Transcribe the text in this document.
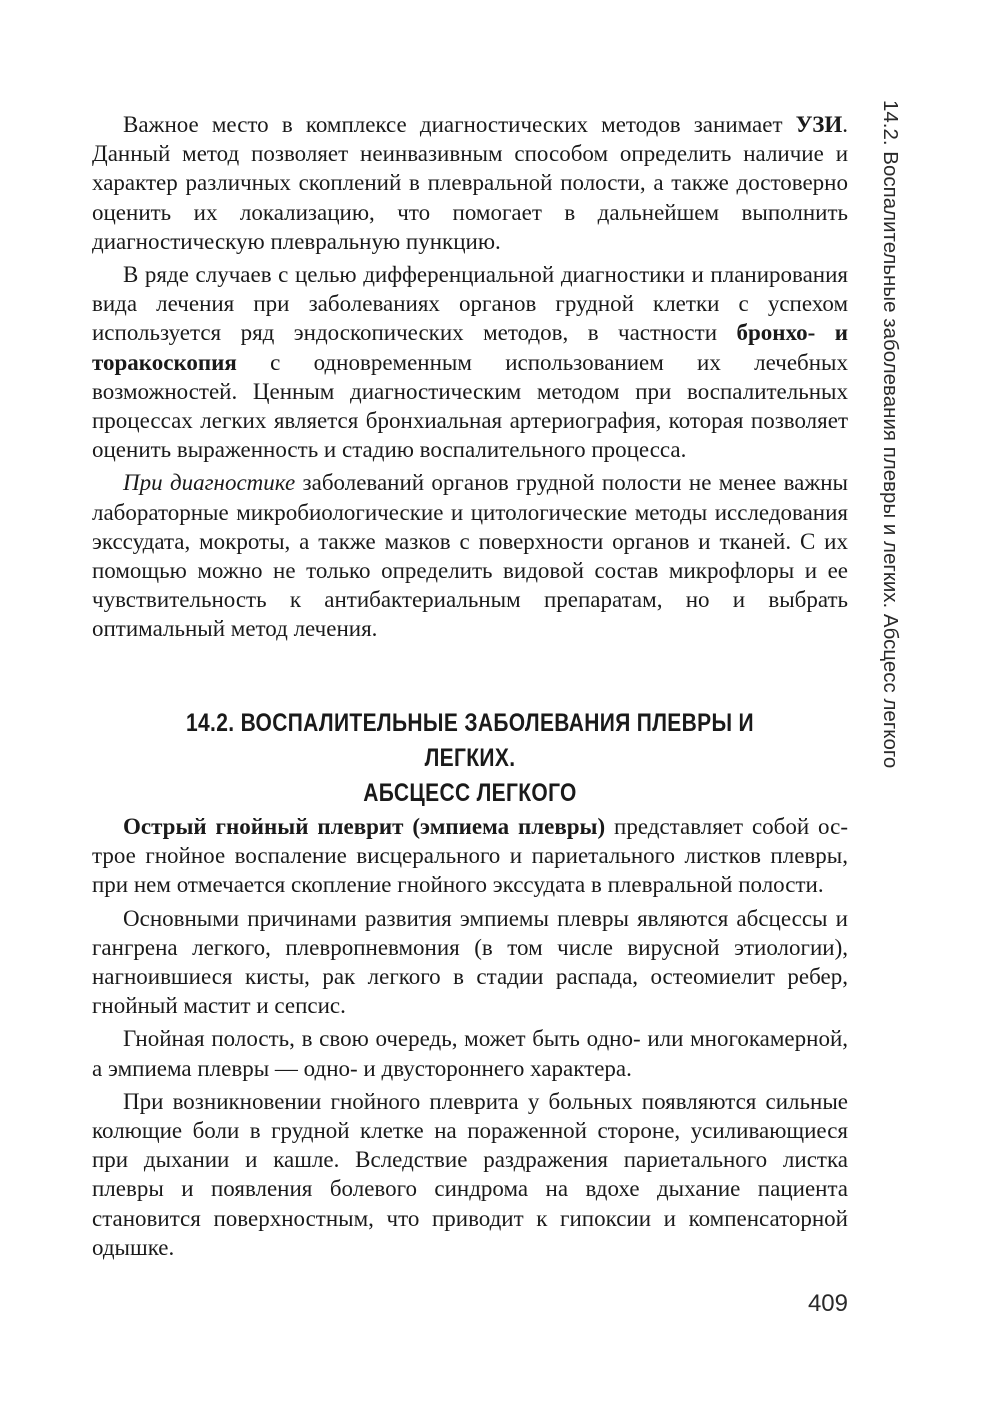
Важное место в комплексе диагностических методов занимает УЗИ. Данный метод позволяет неинвазивным способом определить наличие и характер различных скоплений в плевральной полости, а также достоверно оценить их локализацию, что помогает в дальнейшем выполнить диагностическую плевральную пункцию.

В ряде случаев с целью дифференциальной диагностики и планирования вида лечения при заболеваниях органов грудной клетки с успехом используется ряд эндоскопических методов, в частности бронхо- и торакоскопия с одновременным использованием их лечебных возможностей. Ценным диагностическим методом при воспалительных процессах легких является бронхиальная артериография, которая позволяет оценить выраженность и стадию воспалительного процесса.

При диагностике заболеваний органов грудной полости не менее важны лабораторные микробиологические и цитологические методы исследования экссудата, мокроты, а также мазков с поверхности органов и тканей. С их помощью можно не только определить видовой состав микрофлоры и ее чувствительность к антибактериальным препаратам, но и выбрать оптимальный метод лечения.

14.2. ВОСПАЛИТЕЛЬНЫЕ ЗАБОЛЕВАНИЯ ПЛЕВРЫ И ЛЕГКИХ.
АБСЦЕСС ЛЕГКОГО

Острый гнойный плеврит (эмпиема плевры) представляет собой острое гнойное воспаление висцерального и париетального листков плевры, при нем отмечается скопление гнойного экссудата в плевральной полости.

Основными причинами развития эмпиемы плевры являются абсцессы и гангрена легкого, плевропневмония (в том числе вирусной этиологии), нагноившиеся кисты, рак легкого в стадии распада, остеомиелит ребер, гнойный мастит и сепсис.

Гнойная полость, в свою очередь, может быть одно- или многокамерной, а эмпиема плевры — одно- и двустороннего характера.

При возникновении гнойного плеврита у больных появляются сильные колющие боли в грудной клетке на пораженной стороне, усиливающиеся при дыхании и кашле. Вследствие раздражения париетального листка плевры и появления болевого синдрома на вдохе дыхание пациента становится поверхностным, что приводит к гипоксии и компенсаторной одышке.

14.2. Воспалительные заболевания плевры и легких. Абсцесс легкого
409
